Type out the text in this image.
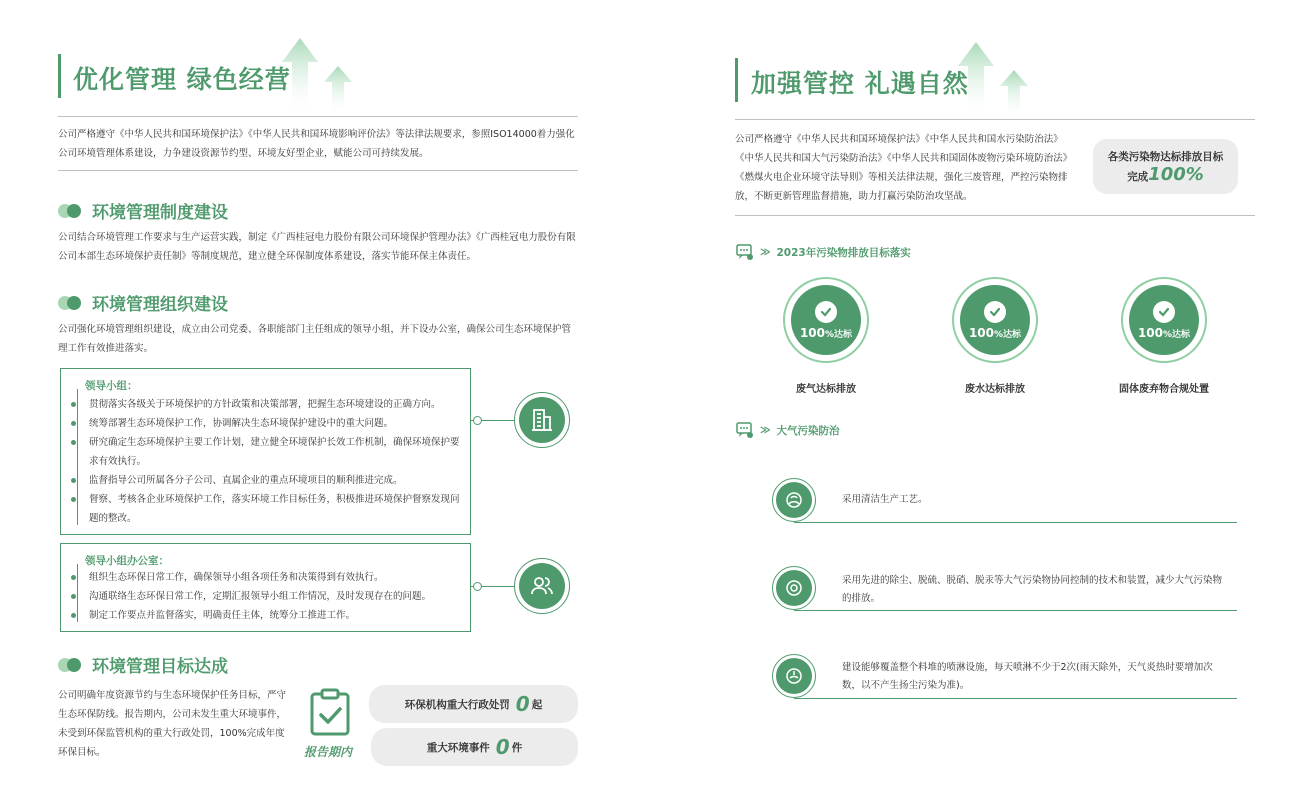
优化管理 绿色经营
公司严格遵守《中华人民共和国环境保护法》《中华人民共和国环境影响评价法》等法律法规要求，参照ISO14000着力强化公司环境管理体系建设，力争建设资源节约型、环境友好型企业，赋能公司可持续发展。
环境管理制度建设
公司结合环境管理工作要求与生产运营实践，制定《广西桂冠电力股份有限公司环境保护管理办法》《广西桂冠电力股份有限公司本部生态环境保护责任制》等制度规范，建立健全环保制度体系建设，落实节能环保主体责任。
环境管理组织建设
公司强化环境管理组织建设，成立由公司党委、各职能部门主任组成的领导小组，并下设办公室，确保公司生态环境保护管理工作有效推进落实。
领导小组：
贯彻落实各级关于环境保护的方针政策和决策部署，把握生态环境建设的正确方向。
统筹部署生态环境保护工作，协调解决生态环境保护建设中的重大问题。
研究确定生态环境保护主要工作计划，建立健全环境保护长效工作机制，确保环境保护要求有效执行。
监督指导公司所属各分子公司、直属企业的重点环境项目的顺利推进完成。
督察、考核各企业环境保护工作，落实环境工作目标任务，积极推进环境保护督察发现问题的整改。
领导小组办公室：
组织生态环保日常工作，确保领导小组各项任务和决策得到有效执行。
沟通联络生态环保日常工作，定期汇报领导小组工作情况，及时发现存在的问题。
制定工作要点并监督落实，明确责任主体，统筹分工推进工作。
环境管理目标达成
公司明确年度资源节约与生态环境保护任务目标，严守生态环保防线。报告期内，公司未发生重大环境事件，未受到环保监管机构的重大行政处罚，100%完成年度环保目标。	报告期内
环保机构重大行政处罚 0 起
重大环境事件 0 件
加强管控 礼遇自然
公司严格遵守《中华人民共和国环境保护法》《中华人民共和国水污染防治法》《中华人民共和国大气污染防治法》《中华人民共和国固体废物污染环境防治法》《燃煤火电企业环境守法导则》等相关法律法规，强化三废管理，严控污染物排放，不断更新管理监督措施，助力打赢污染防治攻坚战。
各类污染物达标排放目标
完成100%
≫ 2023年污染物排放目标落实
100%达标
废气达标排放
100%达标
废水达标排放
100%达标
固体废弃物合规处置
≫ 大气污染防治
采用清洁生产工艺。
采用先进的除尘、脱硫、脱硝、脱汞等大气污染物协同控制的技术和装置，减少大气污染物的排放。
建设能够覆盖整个料堆的喷淋设施，每天喷淋不少于2次(雨天除外，天气炎热时要增加次数，以不产生扬尘污染为准)。
